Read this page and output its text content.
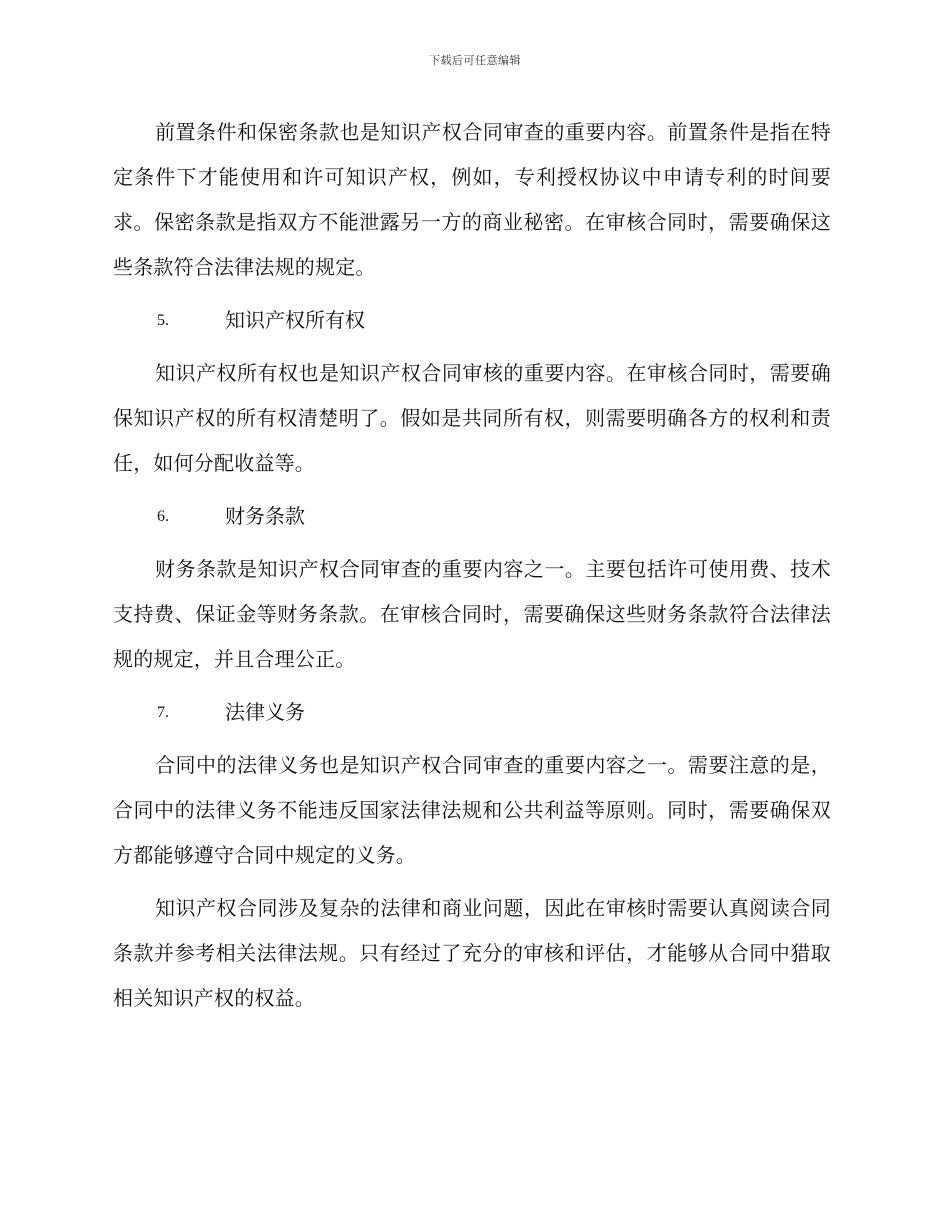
下载后可任意编辑

前置条件和保密条款也是知识产权合同审查的重要内容。前置条件是指在特定条件下才能使用和许可知识产权，例如，专利授权协议中申请专利的时间要求。保密条款是指双方不能泄露另一方的商业秘密。在审核合同时，需要确保这些条款符合法律法规的规定。

5.	知识产权所有权

知识产权所有权也是知识产权合同审核的重要内容。在审核合同时，需要确保知识产权的所有权清楚明了。假如是共同所有权，则需要明确各方的权利和责任，如何分配收益等。

6.	财务条款

财务条款是知识产权合同审查的重要内容之一。主要包括许可使用费、技术支持费、保证金等财务条款。在审核合同时，需要确保这些财务条款符合法律法规的规定，并且合理公正。

7.	法律义务

合同中的法律义务也是知识产权合同审查的重要内容之一。需要注意的是，合同中的法律义务不能违反国家法律法规和公共利益等原则。同时，需要确保双方都能够遵守合同中规定的义务。

知识产权合同涉及复杂的法律和商业问题，因此在审核时需要认真阅读合同条款并参考相关法律法规。只有经过了充分的审核和评估，才能够从合同中猎取相关知识产权的权益。
